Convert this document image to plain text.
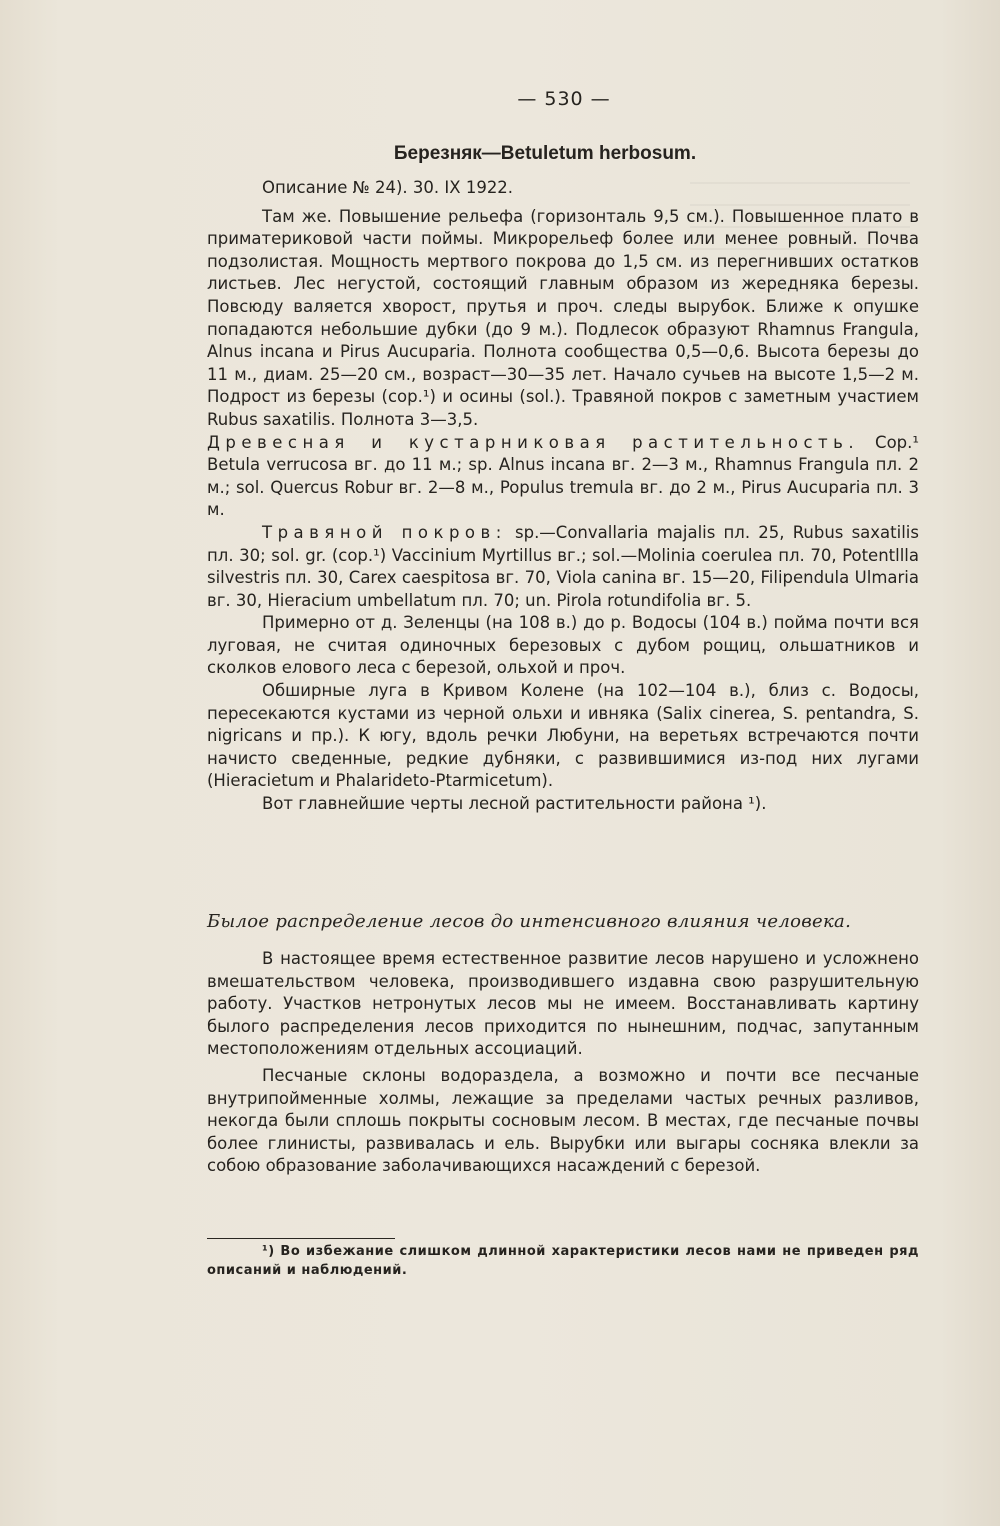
— 530 —
Березняк—Betuletum herbosum.

Описание № 24). 30. IX 1922.

Там же. Повышение рельефа (горизонталь 9,5 см.). Повышенное плато в приматериковой части поймы. Микрорельеф более или менее ровный. Почва подзолистая. Мощность мертвого покрова до 1,5 см. из перегнивших остатков листьев. Лес негустой, состоящий главным образом из жередняка березы. Повсюду валяется хворост, прутья и проч. следы вырубок. Ближе к опушке попадаются небольшие дубки (до 9 м.). Подлесок образуют Rhamnus Frangula, Alnus incana и Pirus Aucuparia. Полнота сообщества 0,5—0,6. Высота березы до 11 м., диам. 25—20 см., возраст—30—35 лет. Начало сучьев на высоте 1,5—2 м. Подрост из березы (cop.¹) и осины (sol.). Травяной покров с заметным участием Rubus saxatilis. Полнота 3—3,5.

Древесная и кустарниковая растительность. Cop.¹ Betula verrucosa вг. до 11 м.; sp. Alnus incana вг. 2—3 м., Rhamnus Frangula пл. 2 м.; sol. Quercus Robur вг. 2—8 м., Populus tremula вг. до 2 м., Pirus Aucuparia пл. 3 м.

Травяной покров: sp.—Convallaria majalis пл. 25, Rubus saxatilis пл. 30; sol. gr. (cop.¹) Vaccinium Myrtillus вг.; sol.—Molinia coerulea пл. 70, Potentllla silvestris пл. 30, Carex caespitosa вг. 70, Viola canina вг. 15—20, Filipendula Ulmaria вг. 30, Hieracium umbellatum пл. 70; un. Pirola rotundifolia вг. 5.

Примерно от д. Зеленцы (на 108 в.) до р. Водосы (104 в.) пойма почти вся луговая, не считая одиночных березовых с дубом рощиц, ольшатников и сколков елового леса с березой, ольхой и проч.

Обширные луга в Кривом Колене (на 102—104 в.), близ с. Водосы, пересекаются кустами из черной ольхи и ивняка (Salix cinerea, S. pentandra, S. nigricans и пр.). К югу, вдоль речки Любуни, на веретьях встречаются почти начисто сведенные, редкие дубняки, с развившимися из-под них лугами (Hieracietum и Phalarideto-Ptarmicetum).

Вот главнейшие черты лесной растительности района ¹).

Былое распределение лесов до интенсивного влияния человека.

В настоящее время естественное развитие лесов нарушено и усложнено вмешательством человека, производившего издавна свою разрушительную работу. Участков нетронутых лесов мы не имеем. Восстанавливать картину былого распределения лесов приходится по нынешним, подчас, запутанным местоположениям отдельных ассоциаций.

Песчаные склоны водораздела, а возможно и почти все песчаные внутрипойменные холмы, лежащие за пределами частых речных разливов, некогда были сплошь покрыты сосновым лесом. В местах, где песчаные почвы более глинисты, развивалась и ель. Вырубки или выгары сосняка влекли за собою образование заболачивающихся насаждений с березой.

¹) Во избежание слишком длинной характеристики лесов нами не приведен ряд описаний и наблюдений.
